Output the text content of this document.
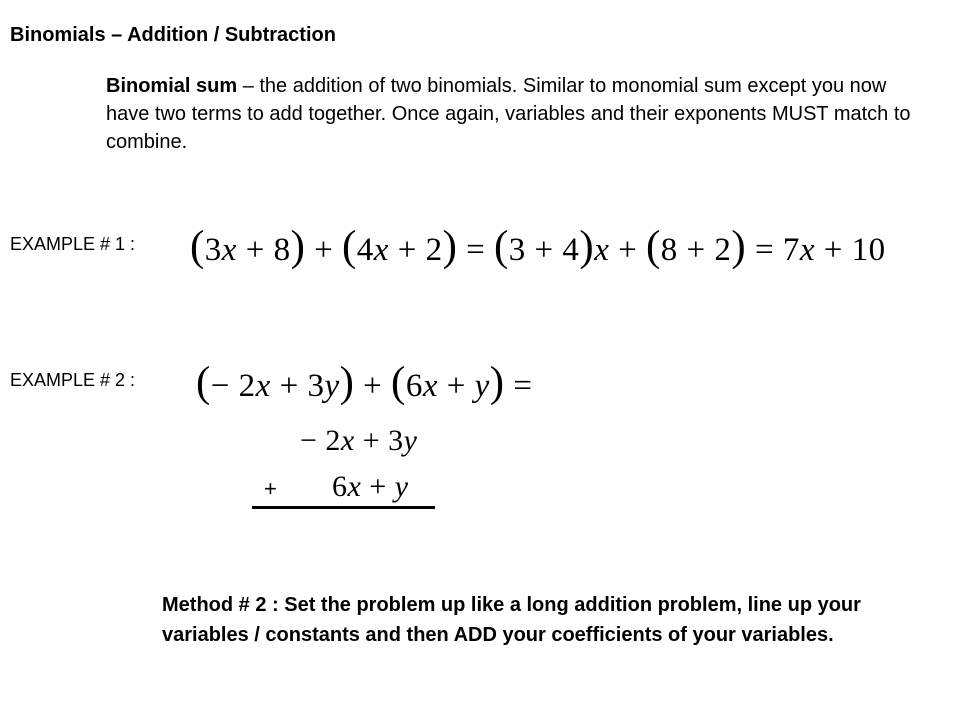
Binomials – Addition / Subtraction
Binomial sum – the addition of two binomials. Similar to monomial sum except you now have two terms to add together. Once again, variables and their exponents MUST match to combine.
EXAMPLE # 1 : (3x + 8) + (4x + 2) = (3 + 4)x + (8 + 2) = 7x + 10
EXAMPLE # 2 : (− 2x + 3y) + (6x + y) =
− 2x + 3y
+ 6x + y
Method # 2 : Set the problem up like a long addition problem, line up your variables / constants and then ADD your coefficients of your variables.
